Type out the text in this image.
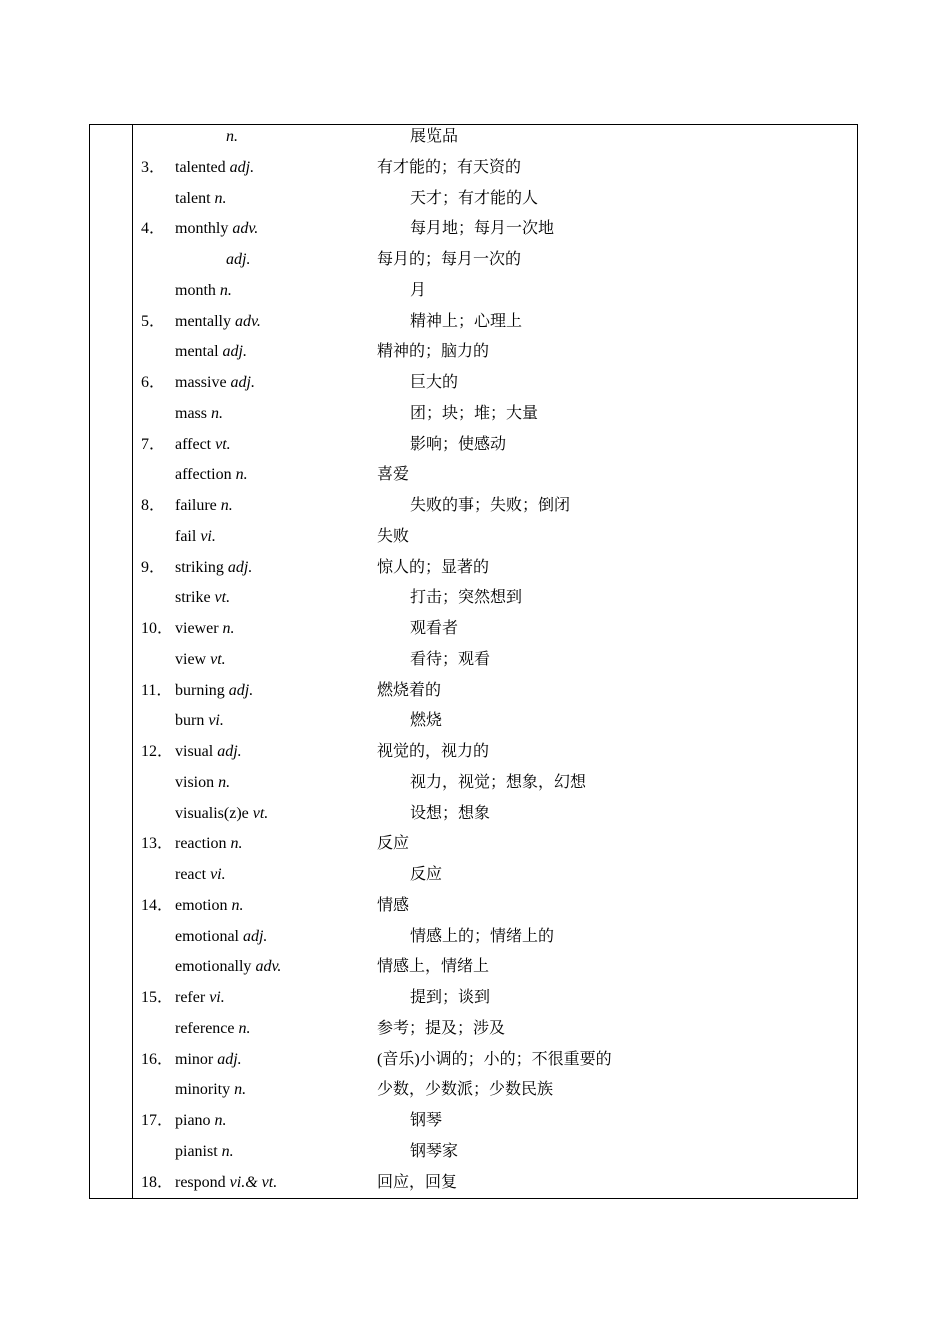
n.	展览品
3． talented adj.	有才能的；有天资的
talent n.	天才；有才能的人
4． monthly adv.	每月地；每月一次地
adj.	每月的；每月一次的
month n.	月
5． mentally adv.	精神上；心理上
mental adj.	精神的；脑力的
6． massive adj.	巨大的
mass n.	团；块；堆；大量
7． affect vt.	影响；使感动
affection n.	喜爱
8． failure n.	失败的事；失败；倒闭
fail vi.	失败
9． striking adj.	惊人的；显著的
strike vt.	打击；突然想到
10． viewer n.	观看者
view vt.	看待；观看
11． burning adj.	燃烧着的
burn vi.	燃烧
12． visual adj.	视觉的，视力的
vision n.	视力，视觉；想象，幻想
visualis(z)e vt.	设想；想象
13． reaction n.	反应
react vi.	反应
14． emotion n.	情感
emotional adj.	情感上的；情绪上的
emotionally adv.	情感上，情绪上
15． refer vi.	提到；谈到
reference n.	参考；提及；涉及
16． minor adj.	(音乐)小调的；小的；不很重要的
minority n.	少数，少数派；少数民族
17． piano n.	钢琴
pianist n.	钢琴家
18． respond vi.& vt.	回应，回复
